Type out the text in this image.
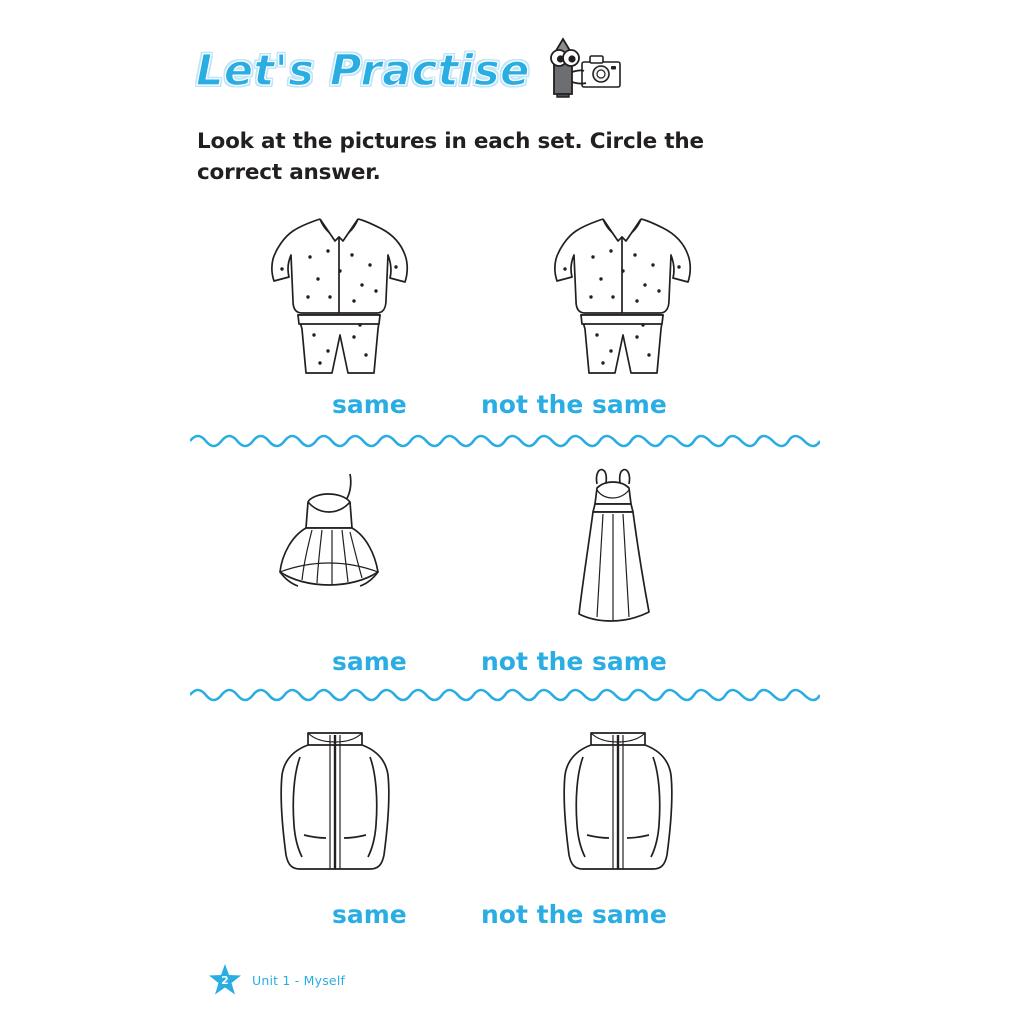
Let's Practise
Look at the pictures in each set. Circle the correct answer.
same	not the same
same	not the same
same	not the same
2	Unit 1 - Myself
